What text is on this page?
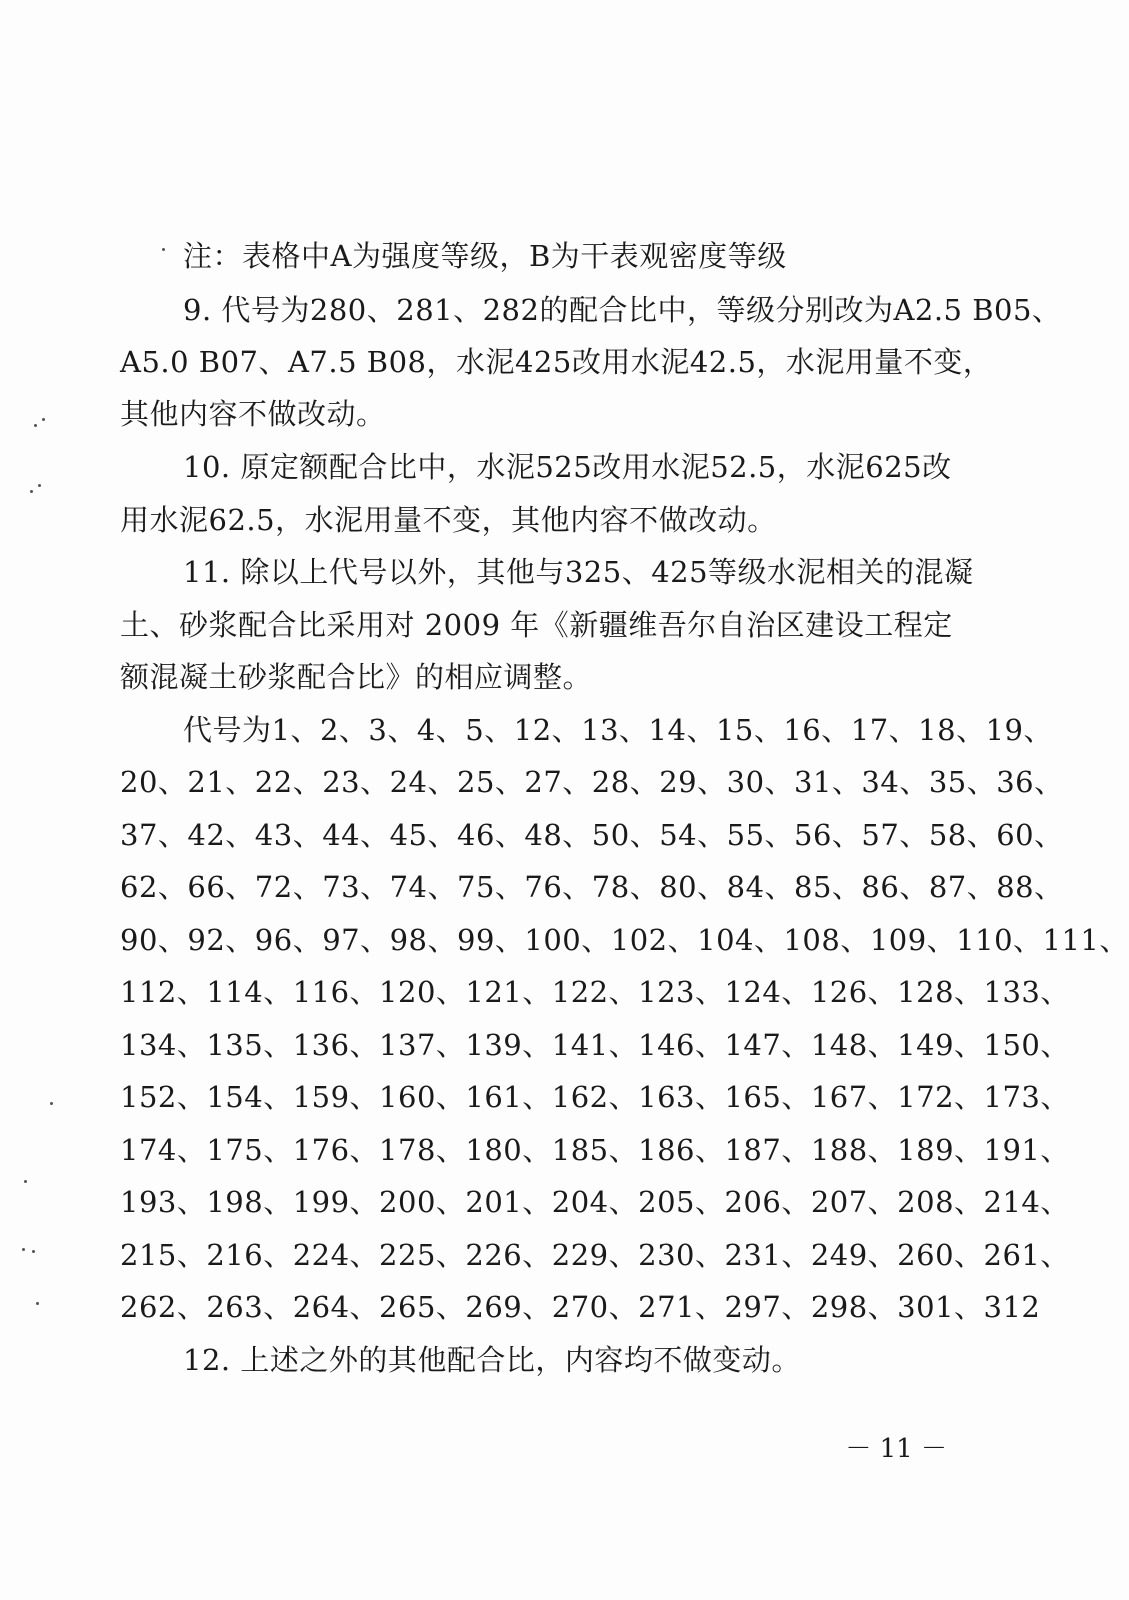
注：表格中A为强度等级，B为干表观密度等级
9. 代号为280、281、282的配合比中，等级分别改为A2.5 B05、
A5.0 B07、A7.5 B08，水泥425改用水泥42.5，水泥用量不变，
其他内容不做改动。
10. 原定额配合比中，水泥525改用水泥52.5，水泥625改
用水泥62.5，水泥用量不变，其他内容不做改动。
11. 除以上代号以外，其他与325、425等级水泥相关的混凝
土、砂浆配合比采用对 2009 年《新疆维吾尔自治区建设工程定
额混凝土砂浆配合比》的相应调整。
代号为1、2、3、4、5、12、13、14、15、16、17、18、19、
20、21、22、23、24、25、27、28、29、30、31、34、35、36、
37、42、43、44、45、46、48、50、54、55、56、57、58、60、
62、66、72、73、74、75、76、78、80、84、85、86、87、88、
90、92、96、97、98、99、100、102、104、108、109、110、111、
112、114、116、120、121、122、123、124、126、128、133、
134、135、136、137、139、141、146、147、148、149、150、
152、154、159、160、161、162、163、165、167、172、173、
174、175、176、178、180、185、186、187、188、189、191、
193、198、199、200、201、204、205、206、207、208、214、
215、216、224、225、226、229、230、231、249、260、261、
262、263、264、265、269、270、271、297、298、301、312
12. 上述之外的其他配合比，内容均不做变动。
－ 11 －
